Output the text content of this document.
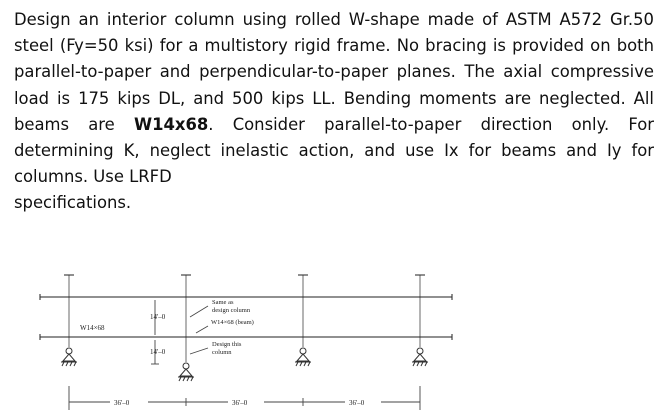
Design an interior column using rolled W-shape made of ASTM A572 Gr.50 steel (Fy=50 ksi) for a multistory rigid frame. No bracing is provided on both parallel-to-paper and perpendicular-to-paper planes. The axial compressive load is 175 kips DL, and 500 kips LL. Bending moments are neglected. All beams are W14x68. Consider parallel-to-paper direction only. For determining K, neglect inelastic action, and use Ix for beams and Iy for columns. Use LRFD
specifications.
W14×68
14'–0
14'–0
Same as
design column
W14×68 (beam)
Design this
column
36'–0	36'–0	36'–0
